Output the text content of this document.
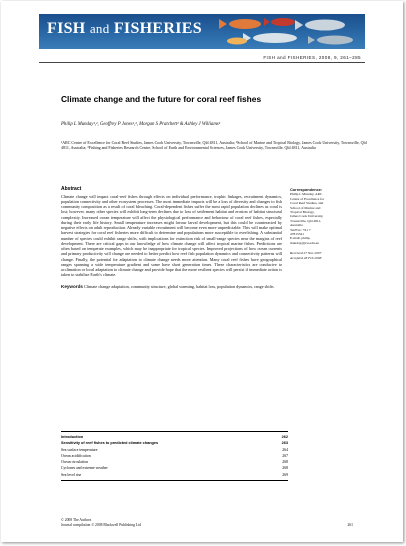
FISH and FISHERIES
FISH and FISHERIES, 2008, 9, 261–285
Climate change and the future for coral reef fishes
Philip L Munday¹,², Geoffrey P Jones¹,², Morgan S Pratchett² & Ashley J Williams³
¹ARC Centre of Excellence for Coral Reef Studies, James Cook University, Townsville, Qld 4811, Australia; ²School of Marine and Tropical Biology, James Cook University, Townsville, Qld 4811, Australia; ³Fishing and Fisheries Research Centre, School of Earth and Environmental Sciences, James Cook University, Townsville, Qld 4811, Australia
Abstract

Climate change will impact coral-reef fishes through effects on individual performance, trophic linkages, recruitment dynamics, population connectivity and other ecosystem processes. The most immediate impacts will be a loss of diversity and changes to fish community composition as a result of coral bleaching. Coral-dependent fishes suffer the most rapid population declines as coral is lost; however, many other species will exhibit long-term declines due to loss of settlement habitat and erosion of habitat structural complexity. Increased ocean temperature will affect the physiological performance and behaviour of coral reef fishes, especially during their early life history. Small temperature increases might favour larval development, but this could be counteracted by negative effects on adult reproduction. Already variable recruitment will become even more unpredictable. This will make optimal harvest strategies for coral reef fisheries more difficult to determine and populations more susceptible to overfishing. A substantial number of species could exhibit range shifts, with implications for extinction risk of small-range species near the margins of reef development. There are critical gaps in our knowledge of how climate change will affect tropical marine fishes. Predictions are often based on temperate examples, which may be inappropriate for tropical species. Improved projections of how ocean currents and primary productivity will change are needed to better predict how reef fish population dynamics and connectivity patterns will change. Finally, the potential for adaptation to climate change needs more attention. Many coral reef fishes have geographical ranges spanning a wide temperature gradient and some have short generation times. These characteristics are conducive to acclimation or local adaptation to climate change and provide hope that the more resilient species will persist if immediate action is taken to stabilize Earth's climate.

Keywords Climate change adaptation, community structure, global warming, habitat loss, population dynamics, range shifts
Correspondence:
Philip L Munday, ARC
Centre of Excellence for
Coral Reef Studies, and
School of Marine and
Tropical Biology,
James Cook University,
Townsville, Qld 4811,
Australia
Tel/Fax: +61 7
47815341
E-mail: philip.
munday@jcu.edu.au
Received 27 Nov 2007
Accepted 28 Feb 2008
Introduction	262
Sensitivity of reef fishes to predicted climate changes	263
Sea surface temperature	264
Ocean acidification	267
Ocean circulation	268
Cyclones and extreme weather	268
Sea level rise	269
© 2008 The Authors
Journal compilation © 2008 Blackwell Publishing Ltd	261
